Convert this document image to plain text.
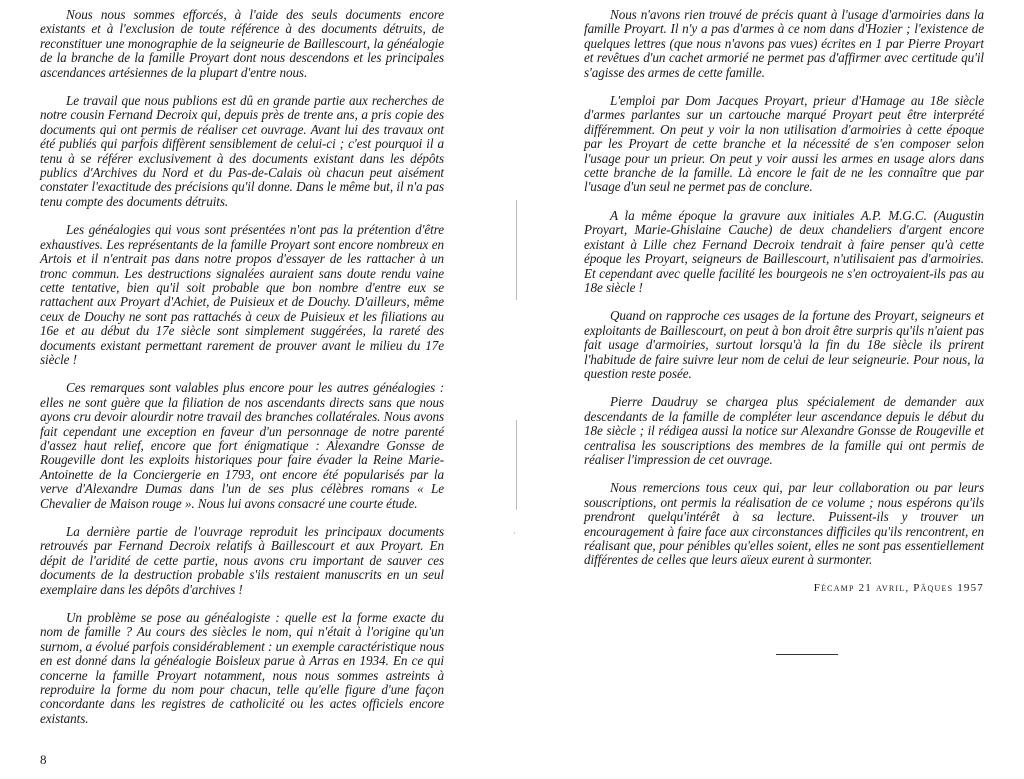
Nous nous sommes efforcés, à l'aide des seuls documents encore existants et à l'exclusion de toute référence à des documents détruits, de reconstituer une monographie de la seigneurie de Baillescourt, la généalogie de la branche de la famille Proyart dont nous descendons et les principales ascendances artésiennes de la plupart d'entre nous.

Le travail que nous publions est dû en grande partie aux recherches de notre cousin Fernand Decroix qui, depuis près de trente ans, a pris copie des documents qui ont permis de réaliser cet ouvrage. Avant lui des travaux ont été publiés qui parfois diffèrent sensiblement de celui-ci ; c'est pourquoi il a tenu à se référer exclusivement à des documents existant dans les dépôts publics d'Archives du Nord et du Pas-de-Calais où chacun peut aisément constater l'exactitude des précisions qu'il donne. Dans le même but, il n'a pas tenu compte des documents détruits.

Les généalogies qui vous sont présentées n'ont pas la prétention d'être exhaustives. Les représentants de la famille Proyart sont encore nombreux en Artois et il n'entrait pas dans notre propos d'essayer de les rattacher à un tronc commun. Les destructions signalées auraient sans doute rendu vaine cette tentative, bien qu'il soit probable que bon nombre d'entre eux se rattachent aux Proyart d'Achiet, de Puisieux et de Douchy. D'ailleurs, même ceux de Douchy ne sont pas rattachés à ceux de Puisieux et les filiations au 16e et au début du 17e siècle sont simplement suggérées, la rareté des documents existant permettant rarement de prouver avant le milieu du 17e siècle !

Ces remarques sont valables plus encore pour les autres généalogies : elles ne sont guère que la filiation de nos ascendants directs sans que nous ayons cru devoir alourdir notre travail des branches collatérales. Nous avons fait cependant une exception en faveur d'un personnage de notre parenté d'assez haut relief, encore que fort énigmatique : Alexandre Gonsse de Rougeville dont les exploits historiques pour faire évader la Reine Marie-Antoinette de la Conciergerie en 1793, ont encore été popularisés par la verve d'Alexandre Dumas dans l'un de ses plus célèbres romans « Le Chevalier de Maison rouge ». Nous lui avons consacré une courte étude.

La dernière partie de l'ouvrage reproduit les principaux documents retrouvés par Fernand Decroix relatifs à Baillescourt et aux Proyart. En dépit de l'aridité de cette partie, nous avons cru important de sauver ces documents de la destruction probable s'ils restaient manuscrits en un seul exemplaire dans les dépôts d'archives !

Un problème se pose au généalogiste : quelle est la forme exacte du nom de famille ? Au cours des siècles le nom, qui n'était à l'origine qu'un surnom, a évolué parfois considérablement : un exemple caractéristique nous en est donné dans la généalogie Boisleux parue à Arras en 1934. En ce qui concerne la famille Proyart notamment, nous nous sommes astreints à reproduire la forme du nom pour chacun, telle qu'elle figure d'une façon concordante dans les registres de catholicité ou les actes officiels encore existants.

8
·

Nous n'avons rien trouvé de précis quant à l'usage d'armoiries dans la famille Proyart. Il n'y a pas d'armes à ce nom dans d'Hozier ; l'existence de quelques lettres (que nous n'avons pas vues) écrites en 1 par Pierre Proyart et revêtues d'un cachet armorié ne permet pas d'affirmer avec certitude qu'il s'agisse des armes de cette famille.

L'emploi par Dom Jacques Proyart, prieur d'Hamage au 18e siècle d'armes parlantes sur un cartouche marqué Proyart peut être interprété différemment. On peut y voir la non utilisation d'armoiries à cette époque par les Proyart de cette branche et la nécessité de s'en composer selon l'usage pour un prieur. On peut y voir aussi les armes en usage alors dans cette branche de la famille. Là encore le fait de ne les connaître que par l'usage d'un seul ne permet pas de conclure.

A la même époque la gravure aux initiales A.P. M.G.C. (Augustin Proyart, Marie-Ghislaine Cauche) de deux chandeliers d'argent encore existant à Lille chez Fernand Decroix tendrait à faire penser qu'à cette époque les Proyart, seigneurs de Baillescourt, n'utilisaient pas d'armoiries. Et cependant avec quelle facilité les bourgeois ne s'en octroyaient-ils pas au 18e siècle !

Quand on rapproche ces usages de la fortune des Proyart, seigneurs et exploitants de Baillescourt, on peut à bon droit être surpris qu'ils n'aient pas fait usage d'armoiries, surtout lorsqu'à la fin du 18e siècle ils prirent l'habitude de faire suivre leur nom de celui de leur seigneurie. Pour nous, la question reste posée.

Pierre Daudruy se chargea plus spécialement de demander aux descendants de la famille de compléter leur ascendance depuis le début du 18e siècle ; il rédigea aussi la notice sur Alexandre Gonsse de Rougeville et centralisa les souscriptions des membres de la famille qui ont permis de réaliser l'impression de cet ouvrage.

Nous remercions tous ceux qui, par leur collaboration ou par leurs souscriptions, ont permis la réalisation de ce volume ; nous espérons qu'ils prendront quelqu'intérêt à sa lecture. Puissent-ils y trouver un encouragement à faire face aux circonstances difficiles qu'ils rencontrent, en réalisant que, pour pénibles qu'elles soient, elles ne sont pas essentiellement différentes de celles que leurs aïeux eurent à surmonter.

Fécamp 21 avril, Pâques 1957
